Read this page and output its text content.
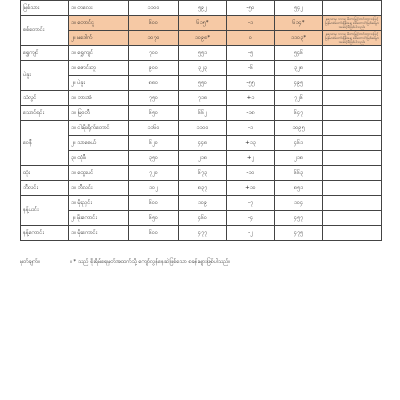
မြစ်သား	၁။ တလေး	၁၁၀၀	၅၉၂	-၅၀	၅၄၂	
စစ်တောင်း	၁။ တောင်ငူ	၆၀၀	၆၁၅*	-၁	၆၁၄*	ရေသာမှ ၁၁၁၅ မီတာမြှင့်တင်ထားသဖြင့် မြန်မာစံတော်ချိန်အရ စစ်တောင်းမြစ်ရေမှာ အဆင့်မီဖြစ်ပါသည်။
	၂။ မဒေါက်	၁၀၇၀	၁၀၉၈*	၀	၁၁၀၃*	ရေသာမှ ၁၁၁၅ မီတာမြှင့်တင်ထားသဖြင့် မြန်မာစံတော်ချိန်အရ စစ်တောင်းမြစ်ရေမှာ အဆင့်မီဖြစ်ပါသည်။
ရွှေကျင်	၁။ ရွှေကျင်	၇၀၀	၅၅၁	-၅	၅၄၆	
ပဲခူး	၁။ ဇောင်းတူ	၉၀၀	၃၂၃	-၆	၃၂၈	
	၂။ ပဲခူး	၈၈၀	၅၅၀	-၅၅	၄၉၅	
သံလွင်	၁။ ဘားအံ	၇၅၀	၇၁၈	+၁	၇၂၆	
သောင်ရင်း	၁။ မြဝတီ	၆၅၀	၆၆၂	-၁၈	၆၄၇	
ဝေနီ	၁။ ငါးမိုးရိုက်တောင်	၁၁၆၀	၁၁၀၀	-၁	၁၀၉၅	
	၂။ သာဓေယ်	၆၂၀	၄၄၈	+၁၃	၄၆၁	
	၃။ ထုံဖီ	၃၅၀	၂၁၈	+၂	၂၁၈	
ထုံး	၁။ ထွေးပင်	၇၂၀	၆၇၃	-၁၀	၆၆၃	
ဘီလင်း	၁။ ဘီလင်း	၁၀၂	၈၃၇	+၁၀	၈၅၁	
နန့်ယင်း	၁။ မိုးညှင်း	၆၀၀	၁၀၉	-၇	၁၀၄	
	၂။ မိုးကောင်း	၆၅၀	၄၆၀	-၄	၄၅၇	
နန့်ကောင်း	၁။ မိုးကောင်း	၆၀၀	၄၇၇	-၂	၄၇၅	
မှတ်ချက်။	။ * သည် စိုးရိမ်ရေမှတ်အထက်သို့ ကျော်လွန်နေဆဲဖြစ်သော စခန်းများဖြစ်ပါသည်။
